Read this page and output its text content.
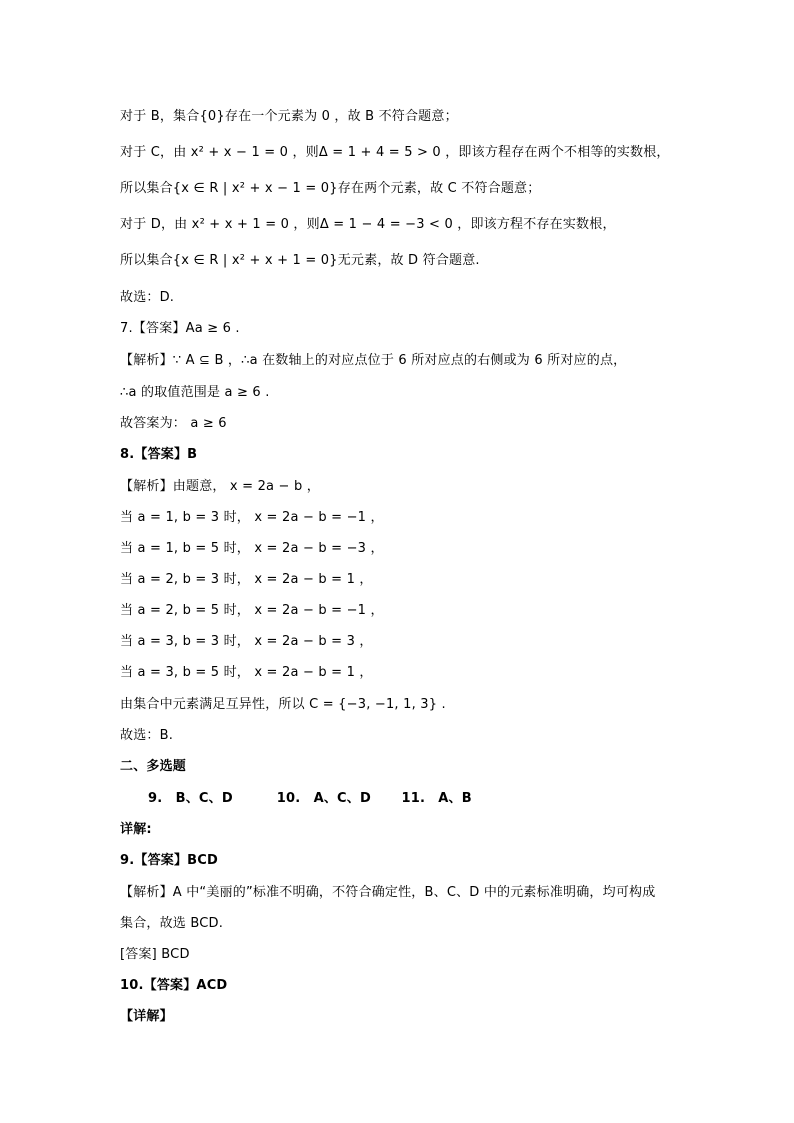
对于 B，集合{0}存在一个元素为 0 ，故 B 不符合题意；
对于 C，由 x² + x − 1 = 0 ，则Δ = 1 + 4 = 5 > 0 ，即该方程存在两个不相等的实数根，
所以集合{x ∈ R | x² + x − 1 = 0}存在两个元素，故 C 不符合题意；
对于 D，由 x² + x + 1 = 0 ，则Δ = 1 − 4 = −3 < 0 ，即该方程不存在实数根，
所以集合{x ∈ R | x² + x + 1 = 0}无元素，故 D 符合题意.
故选：D.
7.【答案】Aa ≥ 6 .
【解析】∵ A ⊆ B ，∴a 在数轴上的对应点位于 6 所对应点的右侧或为 6 所对应的点，
∴a 的取值范围是 a ≥ 6 .
故答案为： a ≥ 6
8.【答案】B
【解析】由题意， x = 2a − b ，
当 a = 1, b = 3 时， x = 2a − b = −1 ，
当 a = 1, b = 5 时， x = 2a − b = −3 ，
当 a = 2, b = 3 时， x = 2a − b = 1 ，
当 a = 2, b = 5 时， x = 2a − b = −1 ，
当 a = 3, b = 3 时， x = 2a − b = 3 ，
当 a = 3, b = 5 时， x = 2a − b = 1 ，
由集合中元素满足互异性，所以 C = {−3, −1, 1, 3} .
故选：B.
二、多选题
9.　B、C、D	10.　A、C、D 11.　A、B
详解:
9.【答案】BCD
【解析】A 中“美丽的”标准不明确，不符合确定性，B、C、D 中的元素标准明确，均可构成
集合，故选 BCD.
[答案] BCD
10.【答案】ACD
【详解】
